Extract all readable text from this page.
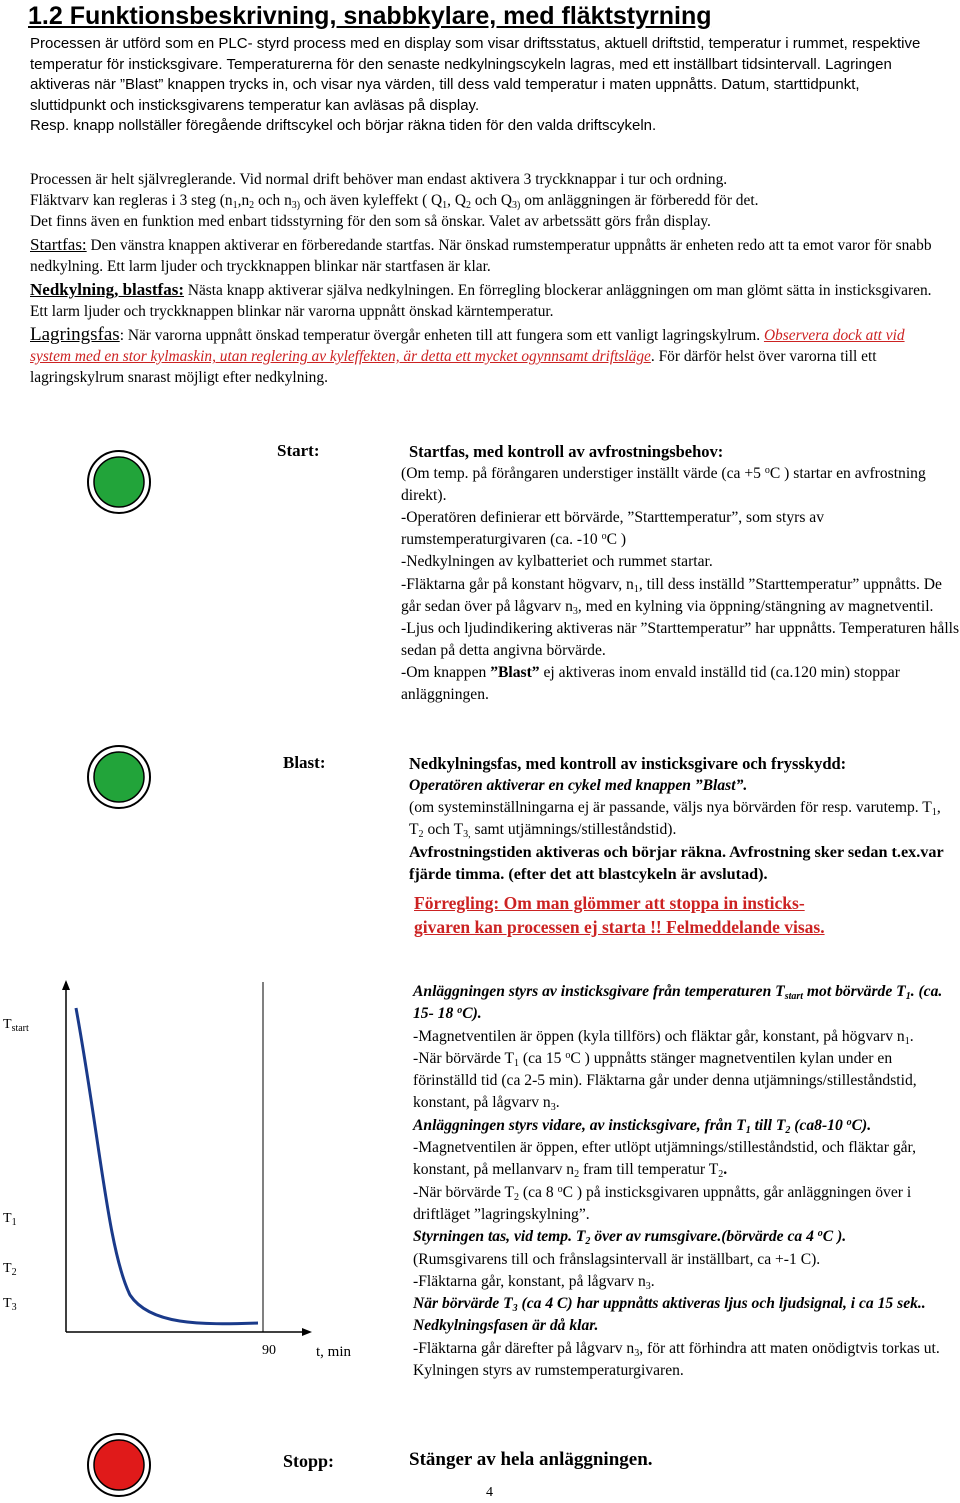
1.2 Funktionsbeskrivning, snabbkylare, med fläktstyrning
Processen är utförd som en PLC- styrd process med en display som visar driftsstatus, aktuell driftstid, temperatur i rummet, respektive temperatur för insticksgivare. Temperaturerna för den senaste nedkylningscykeln lagras, med ett inställbart tidsintervall. Lagringen aktiveras när ”Blast” knappen trycks in, och visar nya värden, till dess vald temperatur i maten uppnåtts. Datum, starttidpunkt, sluttidpunkt och insticksgivarens temperatur kan avläsas på display.
Resp. knapp nollställer föregående driftscykel och börjar räkna tiden för den valda driftscykeln.
Processen är helt självreglerande. Vid normal drift behöver man endast aktivera 3 tryckknappar i tur och ordning.
Fläktvarv kan regleras i 3 steg ($n_1,n_2$ och $n_{3)}$ och även kyleffekt ( $Q_1$, $Q_2$ och $Q_{3)}$ om anläggningen är förberedd för det.
Det finns även en funktion med enbart tidsstyrning för den som så önskar. Valet av arbetssätt görs från display.
Startfas: Den vänstra knappen aktiverar en förberedande startfas. När önskad rumstemperatur uppnåtts är enheten redo att ta emot varor för snabb nedkylning. Ett larm ljuder och tryckknappen blinkar när startfasen är klar.
Nedkylning, blastfas: Nästa knapp aktiverar själva nedkylningen. En förregling blockerar anläggningen om man glömt sätta in insticksgivaren. Ett larm ljuder och tryckknappen blinkar när varorna uppnått önskad kärntemperatur.
Lagringsfas: När varorna uppnått önskad temperatur övergår enheten till att fungera som ett vanligt lagringskylrum. Observera dock att vid system med en stor kylmaskin, utan reglering av kyleffekten, är detta ett mycket ogynnsamt driftsläge. För därför helst över varorna till ett lagringskylrum snarast möjligt efter nedkylning.
Start:	Startfas, med kontroll av avfrostningsbehov:
(Om temp. på förångaren understiger inställt värde (ca +5 $^o$C ) startar en avfrostning direkt).
-Operatören definierar ett börvärde, ”Starttemperatur”, som styrs av rumstemperaturgivaren (ca. -10 $^o$C )
-Nedkylningen av kylbatteriet och rummet startar.
-Fläktarna går på konstant högvarv, $n_1$, till dess inställd ”Starttemperatur” uppnåtts. De går sedan över på lågvarv $n_3$, med en kylning via öppning/stängning av magnetventil.
-Ljus och ljudindikering aktiveras när ”Starttemperatur” har uppnåtts. Temperaturen hålls sedan på detta angivna börvärde.
-Om knappen ”Blast” ej aktiveras inom envald inställd tid (ca.120 min) stoppar anläggningen.
Blast:	Nedkylningsfas, med kontroll av insticksgivare och frysskydd:
Operatören aktiverar en cykel med knappen ”Blast”.
(om systeminställningarna ej är passande, väljs nya börvärden för resp. varutemp. $T_1$, $T_2$ och $T_{3,}$ samt utjämnings/stilleståndstid).
Avfrostningstiden aktiveras och börjar räkna. Avfrostning sker sedan t.ex.var fjärde timma. (efter det att blastcykeln är avslutad).
Förregling: Om man glömmer att stoppa in insticks-
givaren kan processen ej starta !! Felmeddelande visas.
$T_{start}$
$T_1$
$T_2$
$T_3$
90	t, min
Anläggningen styrs av insticksgivare från temperaturen $T_{start}$ mot börvärde $T_1$. (ca. 15- 18 $^o$C).
-Magnetventilen är öppen (kyla tillförs) och fläktar går, konstant, på högvarv $n_1$.
-När börvärde $T_1$ (ca 15 $^o$C ) uppnåtts stänger magnetventilen kylan under en förinställd tid (ca 2-5 min). Fläktarna går under denna utjämnings/stilleståndstid, konstant, på lågvarv $n_3$.
Anläggningen styrs vidare, av insticksgivare, från $T_1$ till $T_2$ (ca8-10 $^o$C).
-Magnetventilen är öppen, efter utlöpt utjämnings/stilleståndstid, och fläktar går, konstant, på mellanvarv $n_2$ fram till temperatur $T_2$.
-När börvärde $T_2$ (ca 8 $^o$C ) på insticksgivaren uppnåtts, går anläggningen över i driftläget ”lagringskylning”.
Styrningen tas, vid temp. $T_2$ över av rumsgivare.(börvärde ca 4 $^o$C ).
(Rumsgivarens till och frånslagsintervall är inställbart, ca +-1 C).
-Fläktarna går, konstant, på lågvarv $n_3$.
När börvärde $T_3$ (ca 4 C) har uppnåtts aktiveras ljus och ljudsignal, i ca 15 sek.. Nedkylningsfasen är då klar.
-Fläktarna går därefter på lågvarv $n_3$, för att förhindra att maten onödigtvis torkas ut. Kylningen styrs av rumstemperaturgivaren.
Stopp:	Stänger av hela anläggningen.
4
